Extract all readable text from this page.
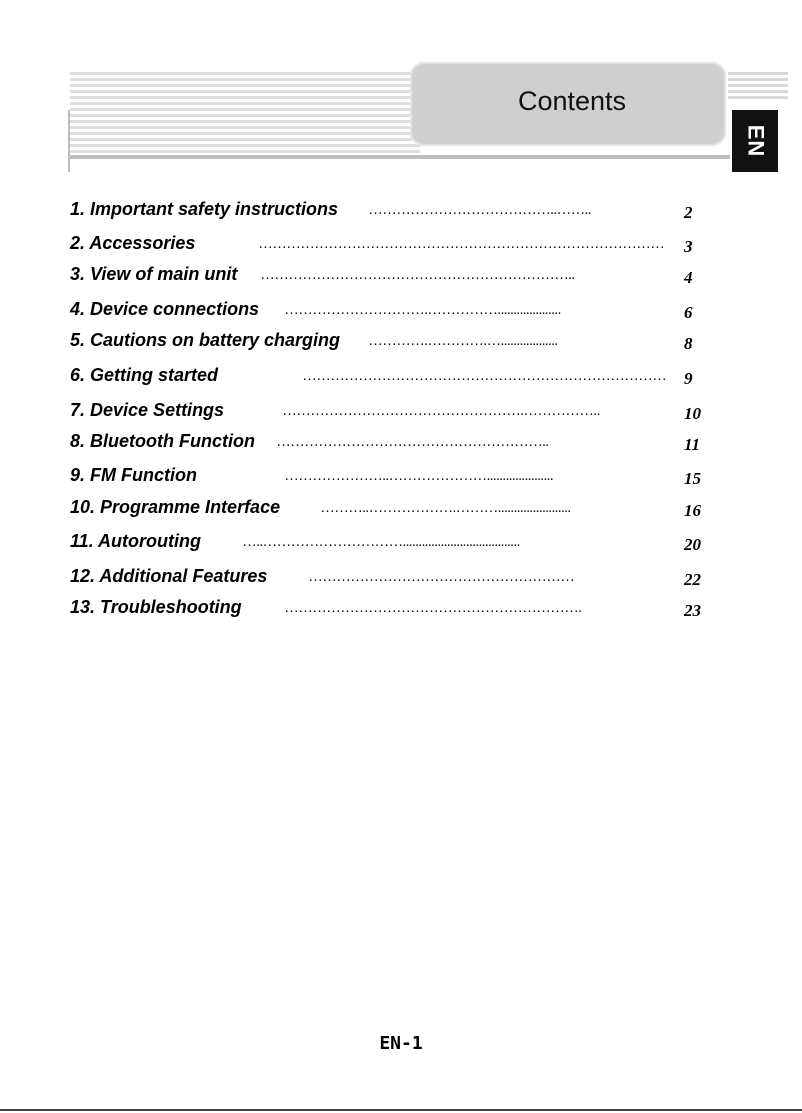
Contents
EN
1. Important safety instructions …………………………………..……..	2
2. Accessories	……………………………………………………………………………	3
3. View of main unit …………………………………………………………..	4
4. Device connections ………………………….……………....................	6
5. Cautions on battery charging ………….………….…..................	8
6. Getting started	……………………………………………………………………	9
7. Device Settings	…………………………………………….……………..	10
8. Bluetooth Function …………………………………………………..	11
9. FM Function	…………………..………………….....................	15
10. Programme Interface	………..……………….……….......................	16
11. Autorouting	…..………………………….....................................	20
12. Additional Features	…………………………………………………	22
13. Troubleshooting	……………………………………………………….	23
EN-1
